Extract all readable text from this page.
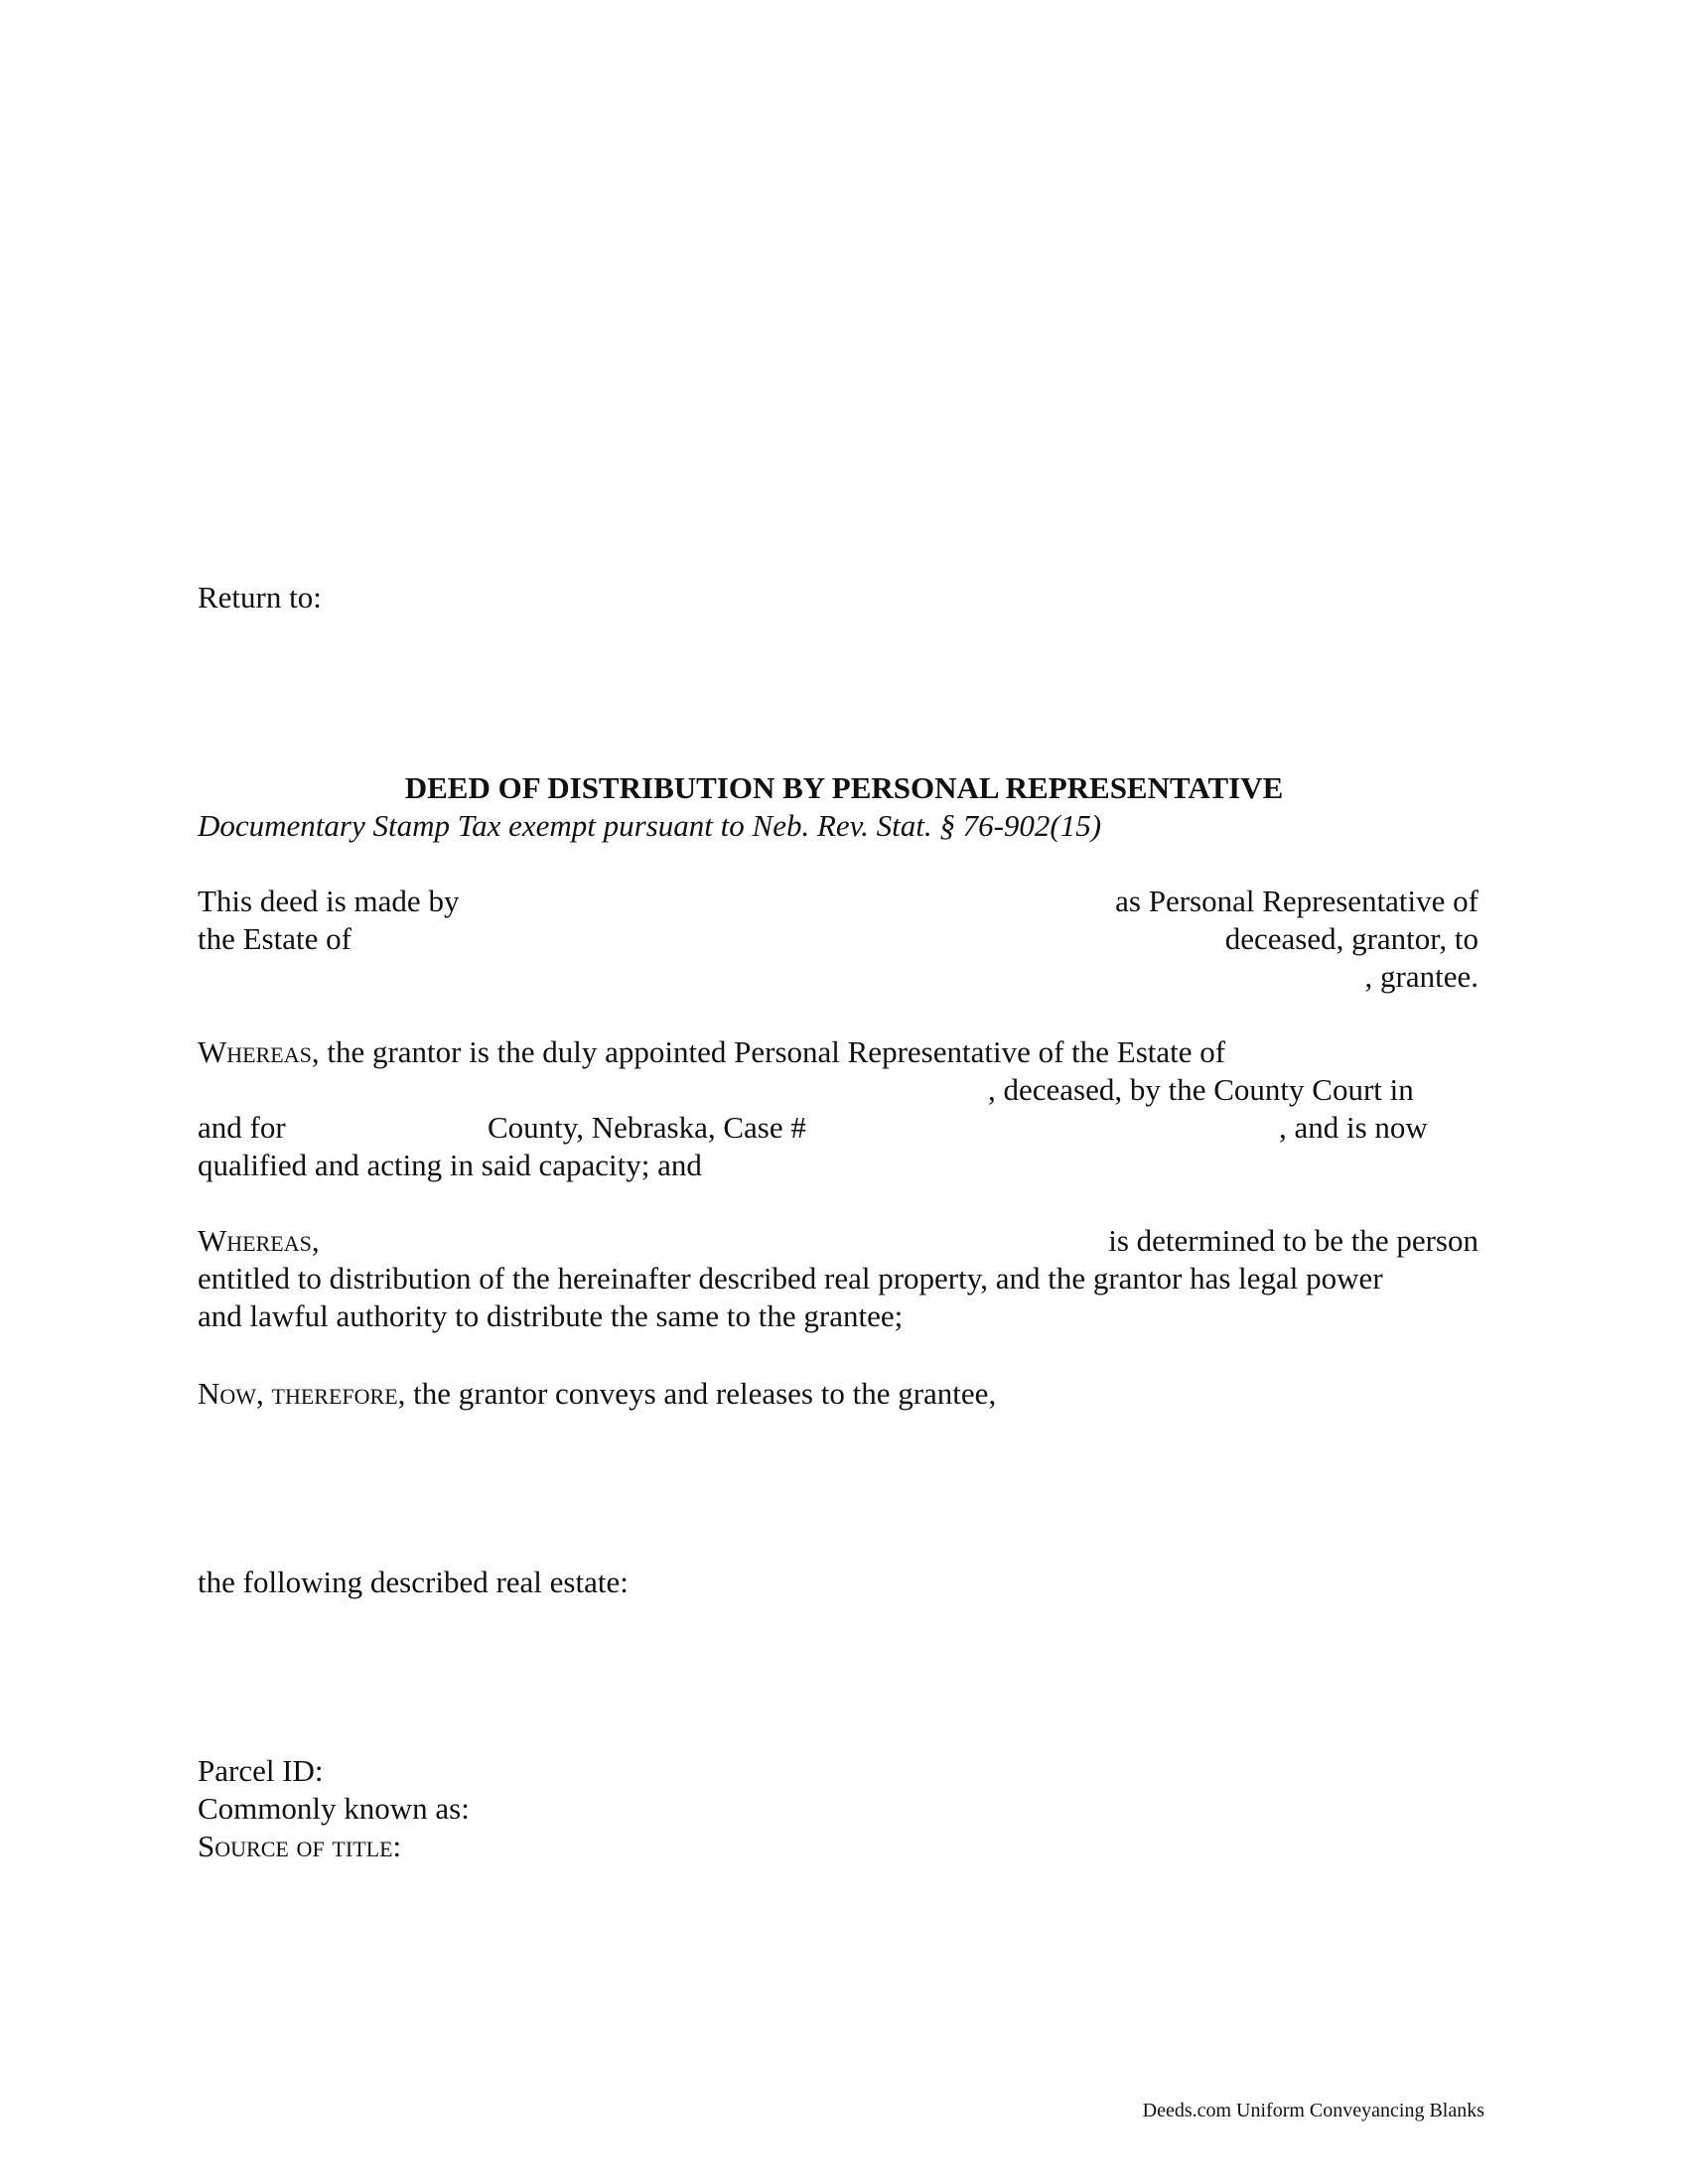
Return to:
DEED OF DISTRIBUTION BY PERSONAL REPRESENTATIVE
Documentary Stamp Tax exempt pursuant to Neb. Rev. Stat. § 76-902(15)
This deed is made by	as Personal Representative of
the Estate of	deceased, grantor, to
, grantee.
Whereas, the grantor is the duly appointed Personal Representative of the Estate of
, deceased, by the County Court in
and for	County, Nebraska, Case #	, and is now
qualified and acting in said capacity; and
Whereas,	is determined to be the person
entitled to distribution of the hereinafter described real property, and the grantor has legal power
and lawful authority to distribute the same to the grantee;
Now, therefore, the grantor conveys and releases to the grantee,
the following described real estate:
Parcel ID:
Commonly known as:
Source of title:
Deeds.com Uniform Conveyancing Blanks
